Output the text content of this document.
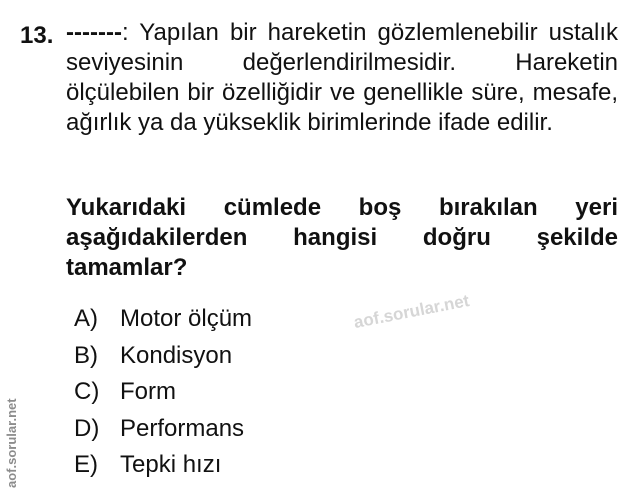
13. -------: Yapılan bir hareketin gözlemlenebilir ustalık seviyesinin değerlendirilmesidir. Hareketin ölçülebilen bir özelliğidir ve genellikle süre, mesafe, ağırlık ya da yükseklik birimlerinde ifade edilir.

Yukarıdaki cümlede boş bırakılan yeri aşağıdakilerden hangisi doğru şekilde tamamlar?

A) Motor ölçüm
B) Kondisyon
C) Form
D) Performans
E) Tepki hızı
aof.sorular.net
aof.sorular.net
